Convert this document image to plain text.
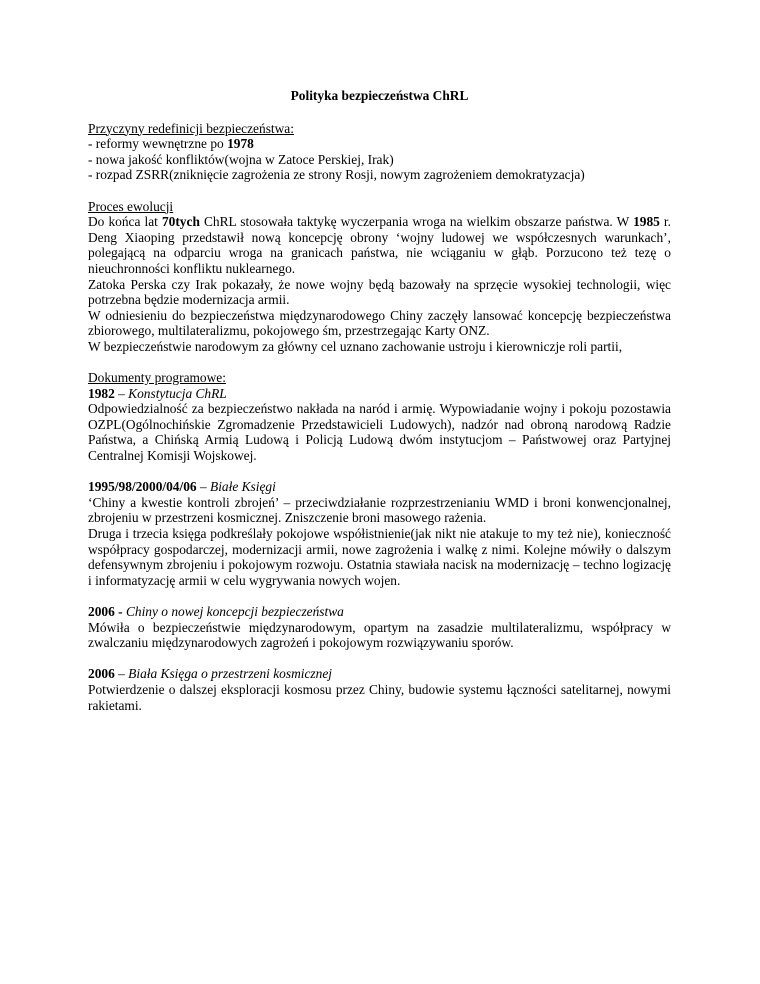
Polityka bezpieczeństwa ChRL

Przyczyny redefinicji bezpieczeństwa:

- reformy wewnętrzne po 1978

- nowa jakość konfliktów(wojna w Zatoce Perskiej, Irak)

- rozpad ZSRR(zniknięcie zagrożenia ze strony Rosji, nowym zagrożeniem demokratyzacja)

Proces ewolucji

Do końca lat 70tych ChRL stosowała taktykę wyczerpania wroga na wielkim obszarze państwa. W 1985 r. Deng Xiaoping przedstawił nową koncepcję obrony ‘wojny ludowej we współczesnych warunkach’, polegającą na odparciu wroga na granicach państwa, nie wciąganiu w głąb. Porzucono też tezę o nieuchronności konfliktu nuklearnego.

Zatoka Perska czy Irak pokazały, że nowe wojny będą bazowały na sprzęcie wysokiej technologii, więc potrzebna będzie modernizacja armii.

W odniesieniu do bezpieczeństwa międzynarodowego Chiny zaczęły lansować koncepcję bezpieczeństwa zbiorowego, multilateralizmu, pokojowego śm, przestrzegając Karty ONZ.

W bezpieczeństwie narodowym za główny cel uznano zachowanie ustroju i kierowniczje roli partii,

Dokumenty programowe:

1982 – Konstytucja ChRL

Odpowiedzialność za bezpieczeństwo nakłada na naród i armię. Wypowiadanie wojny i pokoju pozostawia OZPL(Ogólnochińskie Zgromadzenie Przedstawicieli Ludowych), nadzór nad obroną narodową Radzie Państwa, a Chińską Armią Ludową i Policją Ludową dwóm instytucjom – Państwowej oraz Partyjnej Centralnej Komisji Wojskowej.

1995/98/2000/04/06 – Białe Księgi

‘Chiny a kwestie kontroli zbrojeń’ – przeciwdziałanie rozprzestrzenianiu WMD i broni konwencjonalnej, zbrojeniu w przestrzeni kosmicznej. Zniszczenie broni masowego rażenia.

Druga i trzecia księga podkreślały pokojowe współistnienie(jak nikt nie atakuje to my też nie), konieczność współpracy gospodarczej, modernizacji armii, nowe zagrożenia i walkę z nimi. Kolejne mówiły o dalszym defensywnym zbrojeniu i pokojowym rozwoju. Ostatnia stawiała nacisk na modernizację – techno logizację i informatyzację armii w celu wygrywania nowych wojen.

2006 - Chiny o nowej koncepcji bezpieczeństwa

Mówiła o bezpieczeństwie międzynarodowym, opartym na zasadzie multilateralizmu, współpracy w zwalczaniu międzynarodowych zagrożeń i pokojowym rozwiązywaniu sporów.

2006 – Biała Księga o przestrzeni kosmicznej

Potwierdzenie o dalszej eksploracji kosmosu przez Chiny, budowie systemu łączności satelitarnej, nowymi rakietami.
